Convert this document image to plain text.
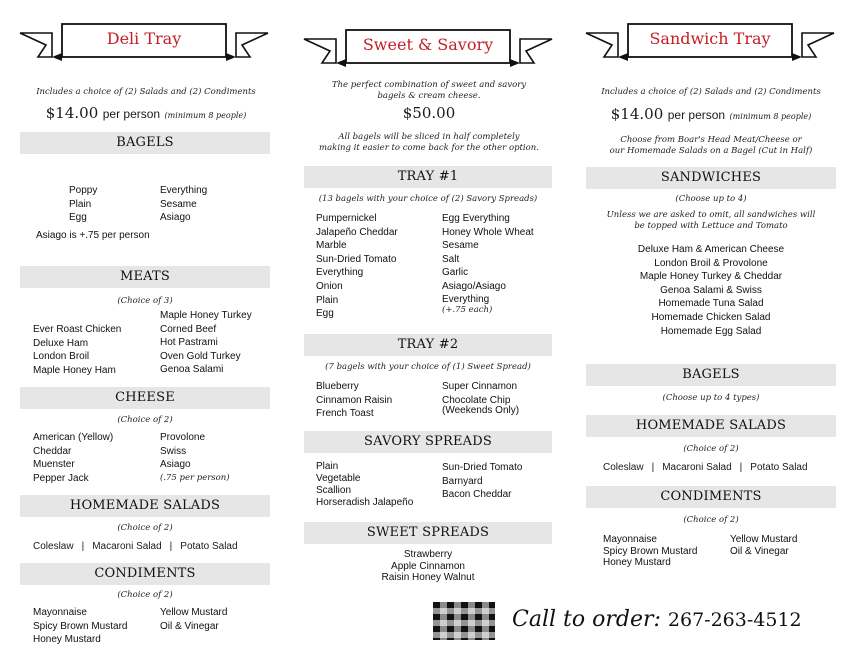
Deli Tray
Includes a choice of (2) Salads and (2) Condiments
$14.00 per person (minimum 8 people)
BAGELS
Poppy
Plain
Egg
Everything
Sesame
Asiago
Asiago is +.75 per person
MEATS
(Choice of 3)
Ever Roast Chicken
Deluxe Ham
London Broil
Maple Honey Ham
Maple Honey Turkey
Corned Beef
Hot Pastrami
Oven Gold Turkey
Genoa Salami
CHEESE
(Choice of 2)
American (Yellow)
Cheddar
Muenster
Pepper Jack
Provolone
Swiss
Asiago
(.75 per person)
HOMEMADE SALADS
(Choice of 2)
Coleslaw | Macaroni Salad | Potato Salad
CONDIMENTS
(Choice of 2)
Mayonnaise
Spicy Brown Mustard
Honey Mustard
Yellow Mustard
Oil & Vinegar
Sweet & Savory
The perfect combination of sweet and savory
bagels & cream cheese.
$50.00
All bagels will be sliced in half completely
making it easier to come back for the other option.
TRAY #1
(13 bagels with your choice of (2) Savory Spreads)
Pumpernickel
Jalapeño Cheddar
Marble
Sun-Dried Tomato
Everything
Onion
Plain
Egg
Egg Everything
Honey Whole Wheat
Sesame
Salt
Garlic
Asiago/Asiago
Everything
(+.75 each)
TRAY #2
(7 bagels with your choice of (1) Sweet Spread)
Blueberry
Cinnamon Raisin
French Toast
Super Cinnamon
Chocolate Chip
(Weekends Only)
SAVORY SPREADS
Plain
Vegetable
Scallion
Horseradish Jalapeño
Sun-Dried Tomato
Barnyard
Bacon Cheddar
SWEET SPREADS
Strawberry
Apple Cinnamon
Raisin Honey Walnut
Sandwich Tray
Includes a choice of (2) Salads and (2) Condiments
$14.00 per person (minimum 8 people)
Choose from Boar's Head Meat/Cheese or
our Homemade Salads on a Bagel (Cut in Half)
SANDWICHES
(Choose up to 4)
Unless we are asked to omit, all sandwiches will
be topped with Lettuce and Tomato
Deluxe Ham & American Cheese
London Broil & Provolone
Maple Honey Turkey & Cheddar
Genoa Salami & Swiss
Homemade Tuna Salad
Homemade Chicken Salad
Homemade Egg Salad
BAGELS
(Choose up to 4 types)
HOMEMADE SALADS
(Choice of 2)
Coleslaw | Macaroni Salad | Potato Salad
CONDIMENTS
(Choice of 2)
Mayonnaise
Spicy Brown Mustard
Honey Mustard
Yellow Mustard
Oil & Vinegar
Call to order: 267-263-4512
